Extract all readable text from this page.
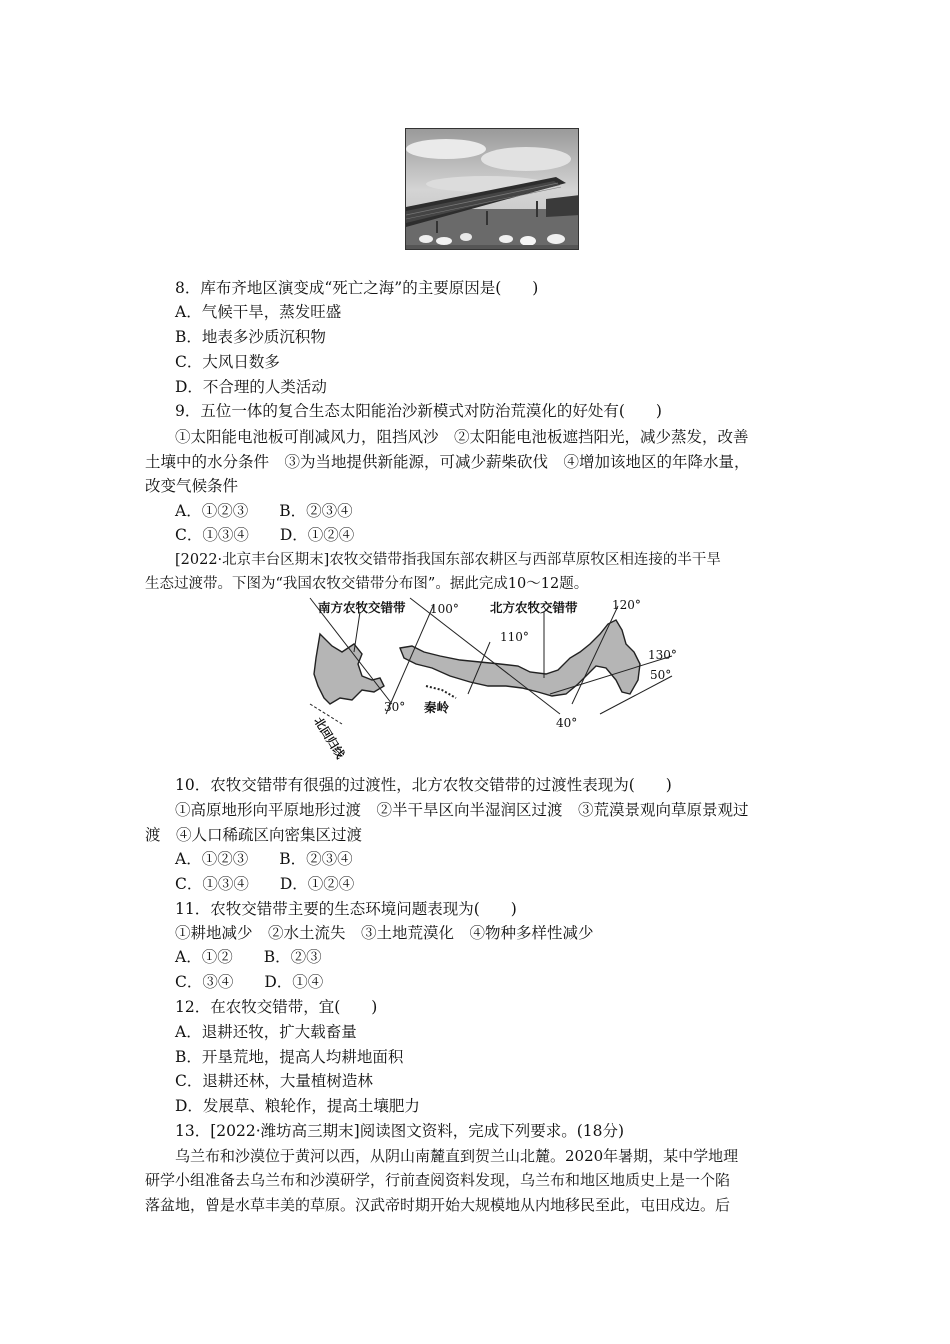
8．库布齐地区演变成“死亡之海”的主要原因是(　　)
A．气候干旱，蒸发旺盛
B．地表多沙质沉积物
C．大风日数多
D．不合理的人类活动
9．五位一体的复合生态太阳能治沙新模式对防治荒漠化的好处有(　　)
①太阳能电池板可削减风力，阻挡风沙　②太阳能电池板遮挡阳光，减少蒸发，改善
土壤中的水分条件　③为当地提供新能源，可减少薪柴砍伐　④增加该地区的年降水量，
改变气候条件
A．①②③　　B．②③④
C．①③④　　D．①②④
[2022·北京丰台区期末]农牧交错带指我国东部农耕区与西部草原牧区相连接的半干旱
生态过渡带。下图为“我国农牧交错带分布图”。据此完成10～12题。
南方农牧交错带	北方农牧交错带
100°
110°
120°
130°
50°
40°
30° 秦岭
北回归线
10．农牧交错带有很强的过渡性，北方农牧交错带的过渡性表现为(　　)
①高原地形向平原地形过渡　②半干旱区向半湿润区过渡　③荒漠景观向草原景观过
渡　④人口稀疏区向密集区过渡
A．①②③　　B．②③④
C．①③④　　D．①②④
11．农牧交错带主要的生态环境问题表现为(　　)
①耕地减少　②水土流失　③土地荒漠化　④物种多样性减少
A．①②　　B．②③
C．③④　　D．①④
12．在农牧交错带，宜(　　)
A．退耕还牧，扩大载畜量
B．开垦荒地，提高人均耕地面积
C．退耕还林，大量植树造林
D．发展草、粮轮作，提高土壤肥力
13．[2022·潍坊高三期末]阅读图文资料，完成下列要求。(18分)
乌兰布和沙漠位于黄河以西，从阴山南麓直到贺兰山北麓。2020年暑期，某中学地理
研学小组准备去乌兰布和沙漠研学，行前查阅资料发现，乌兰布和地区地质史上是一个陷
落盆地，曾是水草丰美的草原。汉武帝时期开始大规模地从内地移民至此，屯田戍边。后
